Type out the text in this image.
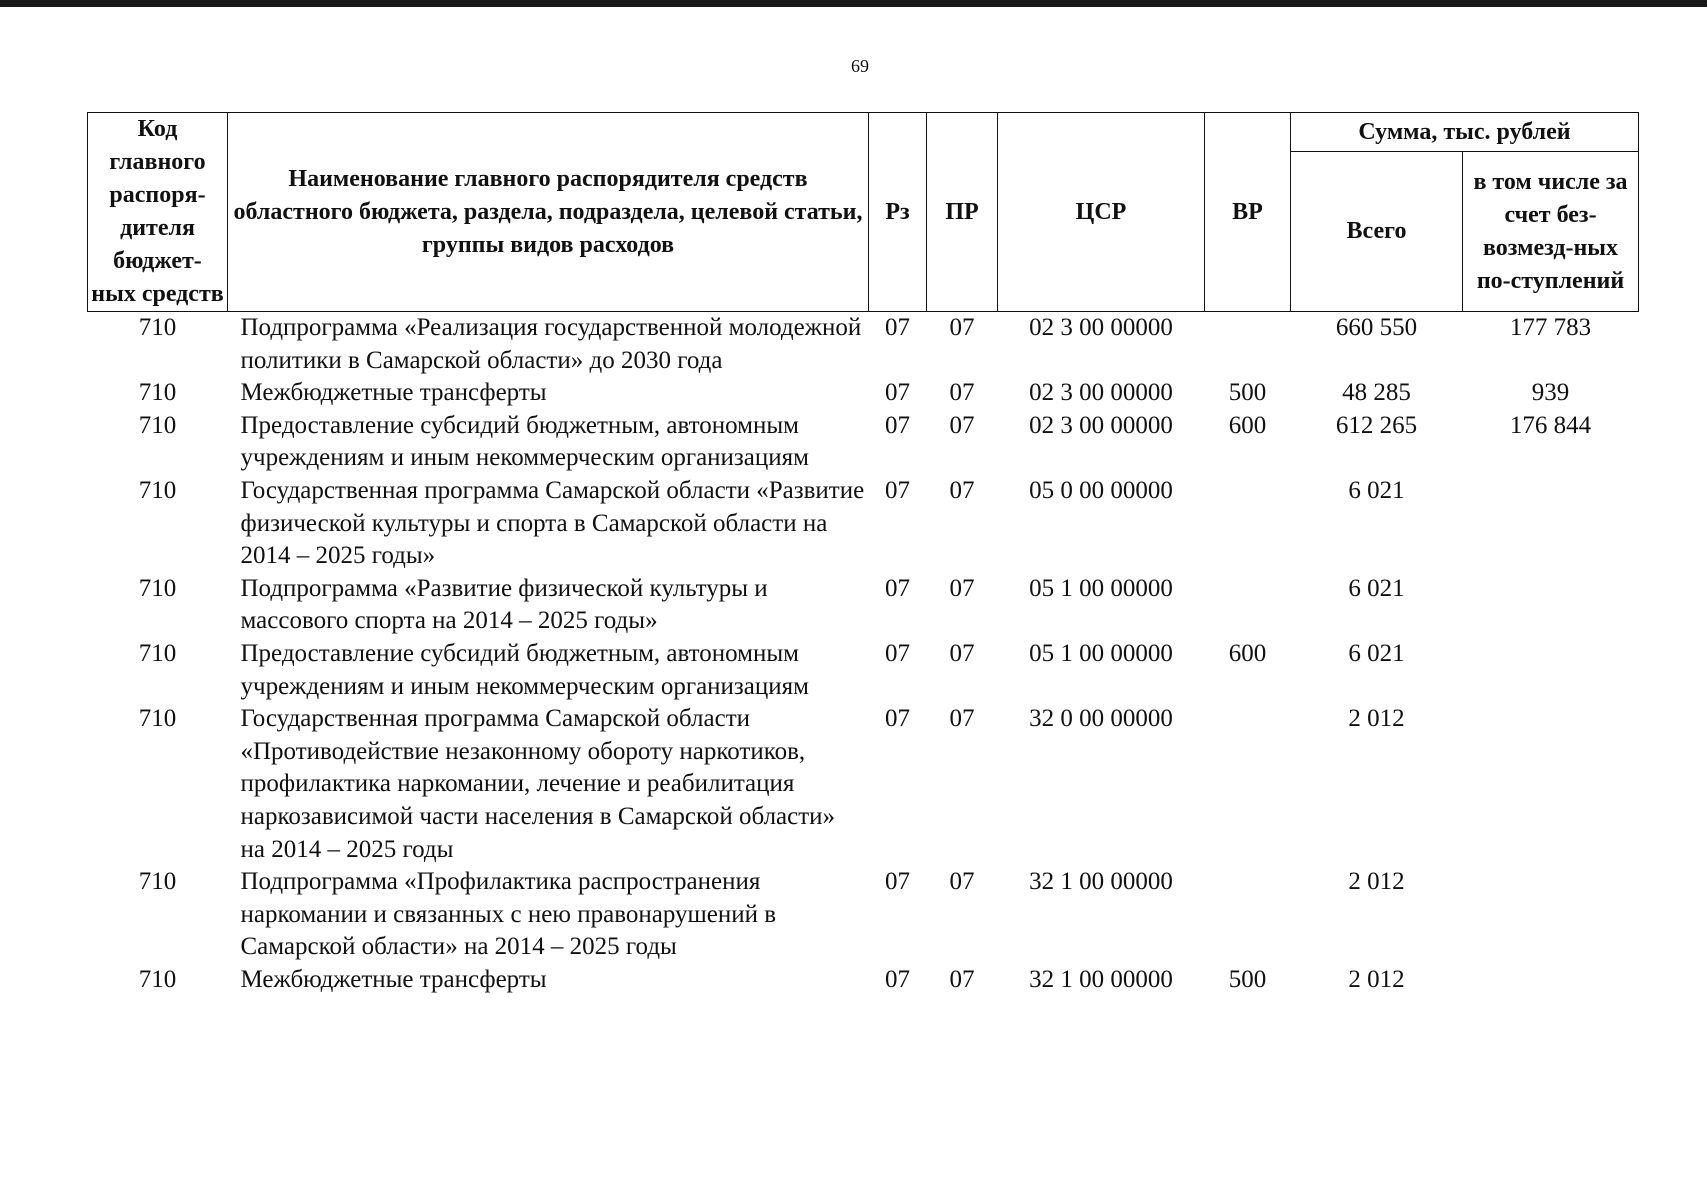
69
Код главного распоря-дителя бюджет-ных средств	Наименование главного распорядителя средств областного бюджета, раздела, подраздела, целевой статьи, группы видов расходов	Рз	ПР	ЦСР	ВР	Сумма, тыс. рублей	
						Всего	в том числе за счет без-возмезд-ных по-ступлений
710	Подпрограмма «Реализация государственной молодежной политики в Самарской области» до 2030 года	07	07	02 3 00 00000		660 550	177 783
710	Межбюджетные трансферты	07	07	02 3 00 00000	500	48 285	939
710	Предоставление субсидий бюджетным, автономным учреждениям и иным некоммерческим организациям	07	07	02 3 00 00000	600	612 265	176 844
710	Государственная программа Самарской области «Развитие физической культуры и спорта в Самарской области на 2014 – 2025 годы»	07	07	05 0 00 00000		6 021	
710	Подпрограмма «Развитие физической культуры и массового спорта на 2014 – 2025 годы»	07	07	05 1 00 00000		6 021	
710	Предоставление субсидий бюджетным, автономным учреждениям и иным некоммерческим организациям	07	07	05 1 00 00000	600	6 021	
710	Государственная программа Самарской области «Противодействие незаконному обороту наркотиков, профилактика наркомании, лечение и реабилитация наркозависимой части населения в Самарской области» на 2014 – 2025 годы	07	07	32 0 00 00000		2 012	
710	Подпрограмма «Профилактика распространения наркомании и связанных с нею правонарушений в Самарской области» на 2014 – 2025 годы	07	07	32 1 00 00000		2 012	
710	Межбюджетные трансферты	07	07	32 1 00 00000	500	2 012	
